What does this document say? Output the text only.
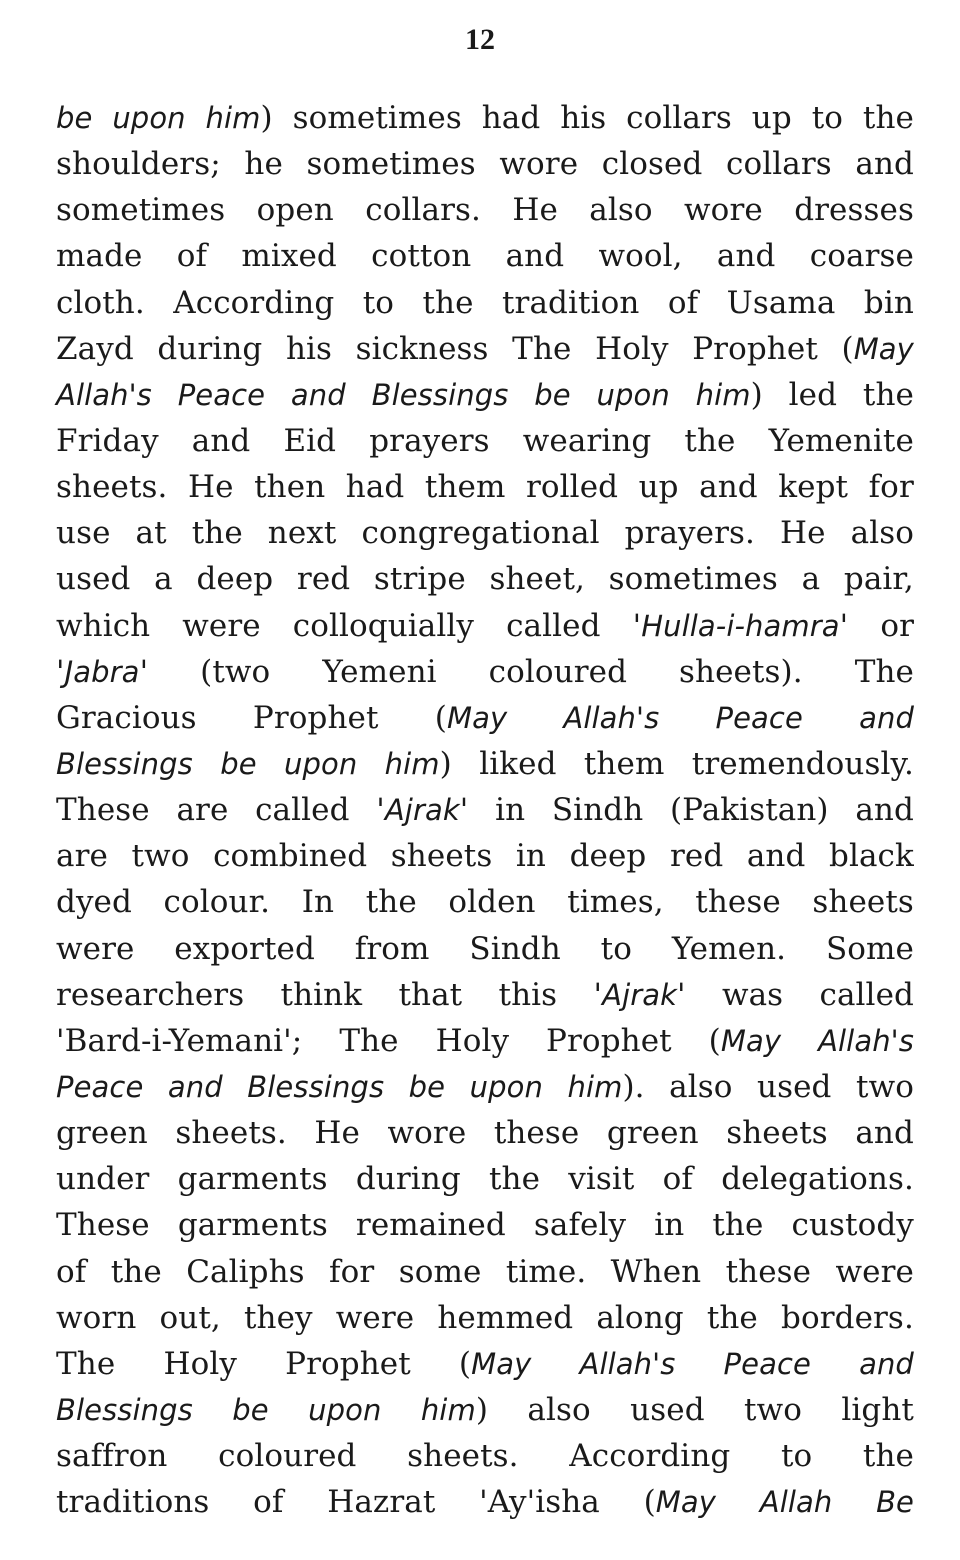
12
be upon him) sometimes had his collars up to the
shoulders; he sometimes wore closed collars and
sometimes open collars. He also wore dresses
made of mixed cotton and wool, and coarse
cloth. According to the tradition of Usama bin
Zayd during his sickness The Holy Prophet (May
Allah's Peace and Blessings be upon him) led the
Friday and Eid prayers wearing the Yemenite
sheets. He then had them rolled up and kept for
use at the next congregational prayers. He also
used a deep red stripe sheet, sometimes a pair,
which were colloquially called 'Hulla-i-hamra' or
'Jabra' (two Yemeni coloured sheets). The
Gracious Prophet (May Allah's Peace and
Blessings be upon him) liked them tremendously.
These are called 'Ajrak' in Sindh (Pakistan) and
are two combined sheets in deep red and black
dyed colour. In the olden times, these sheets
were exported from Sindh to Yemen. Some
researchers think that this 'Ajrak' was called
'Bard-i-Yemani'; The Holy Prophet (May Allah's
Peace and Blessings be upon him). also used two
green sheets. He wore these green sheets and
under garments during the visit of delegations.
These garments remained safely in the custody
of the Caliphs for some time. When these were
worn out, they were hemmed along the borders.
The Holy Prophet (May Allah's Peace and
Blessings be upon him) also used two light
saffron coloured sheets. According to the
traditions of Hazrat 'Ay'isha (May Allah Be
